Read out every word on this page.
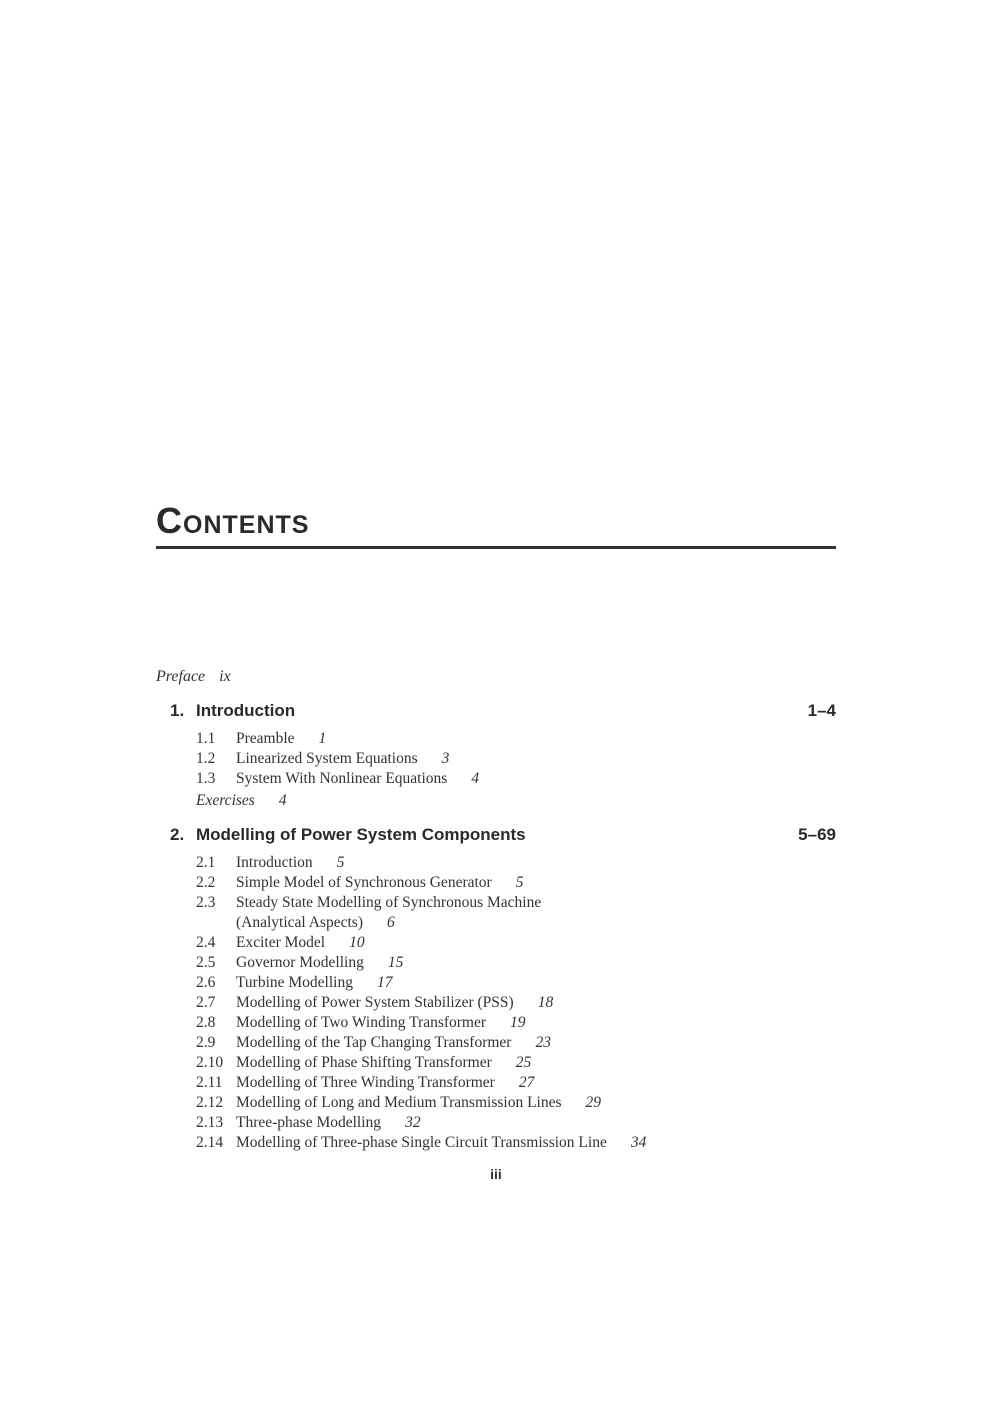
Contents
Preface ix
1. Introduction	1–4
1.1 Preamble 1
1.2 Linearized System Equations 3
1.3 System With Nonlinear Equations 4
Exercises 4
2. Modelling of Power System Components	5–69
2.1 Introduction 5
2.2 Simple Model of Synchronous Generator 5
2.3 Steady State Modelling of Synchronous Machine
(Analytical Aspects) 6
2.4 Exciter Model 10
2.5 Governor Modelling 15
2.6 Turbine Modelling 17
2.7 Modelling of Power System Stabilizer (PSS) 18
2.8 Modelling of Two Winding Transformer 19
2.9 Modelling of the Tap Changing Transformer 23
2.10 Modelling of Phase Shifting Transformer 25
2.11 Modelling of Three Winding Transformer 27
2.12 Modelling of Long and Medium Transmission Lines 29
2.13 Three-phase Modelling 32
2.14 Modelling of Three-phase Single Circuit Transmission Line 34
iii
